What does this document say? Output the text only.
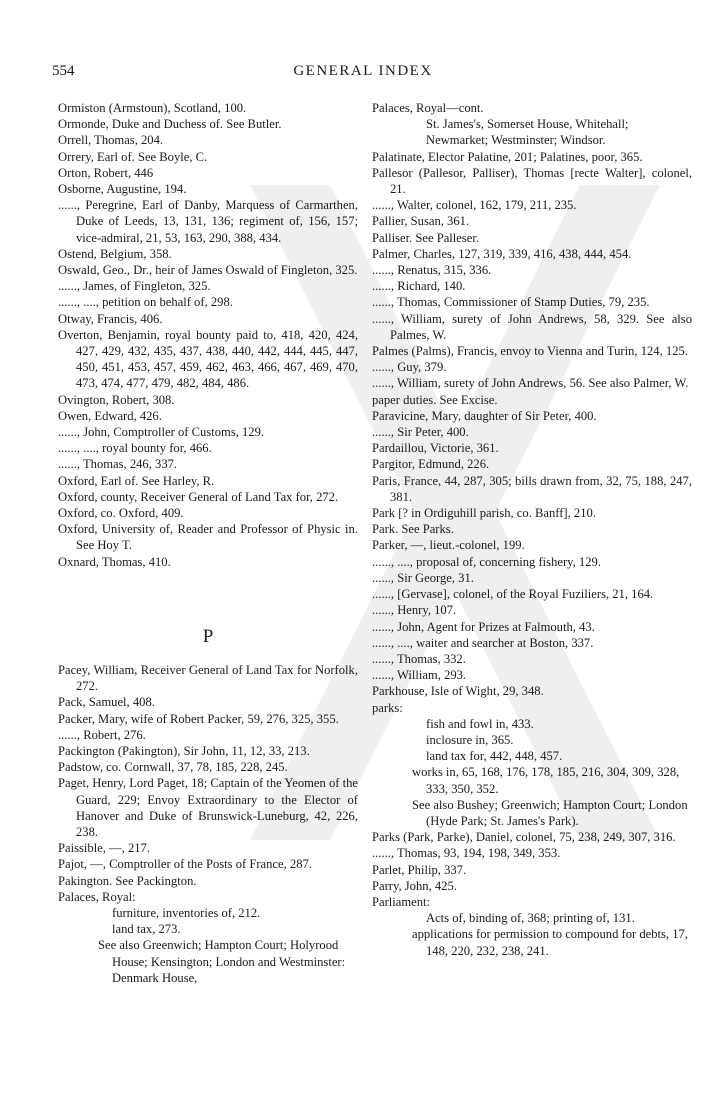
554	GENERAL INDEX
Ormiston (Armstoun), Scotland, 100.
Ormonde, Duke and Duchess of. See Butler.
Orrell, Thomas, 204.
Orrery, Earl of. See Boyle, C.
Orton, Robert, 446
Osborne, Augustine, 194.
......, Peregrine, Earl of Danby, Marquess of Carmarthen, Duke of Leeds, 13, 131, 136; regiment of, 156, 157; vice-admiral, 21, 53, 163, 290, 388, 434.
Ostend, Belgium, 358.
Oswald, Geo., Dr., heir of James Oswald of Fingleton, 325.
......, James, of Fingleton, 325.
......, ...., petition on behalf of, 298.
Otway, Francis, 406.
Overton, Benjamin, royal bounty paid to, 418, 420, 424, 427, 429, 432, 435, 437, 438, 440, 442, 444, 445, 447, 450, 451, 453, 457, 459, 462, 463, 466, 467, 469, 470, 473, 474, 477, 479, 482, 484, 486.
Ovington, Robert, 308.
Owen, Edward, 426.
......, John, Comptroller of Customs, 129.
......, ...., royal bounty for, 466.
......, Thomas, 246, 337.
Oxford, Earl of. See Harley, R.
Oxford, county, Receiver General of Land Tax for, 272.
Oxford, co. Oxford, 409.
Oxford, University of, Reader and Professor of Physic in. See Hoy T.
Oxnard, Thomas, 410.
P
Pacey, William, Receiver General of Land Tax for Norfolk, 272.
Pack, Samuel, 408.
Packer, Mary, wife of Robert Packer, 59, 276, 325, 355.
......, Robert, 276.
Packington (Pakington), Sir John, 11, 12, 33, 213.
Padstow, co. Cornwall, 37, 78, 185, 228, 245.
Paget, Henry, Lord Paget, 18; Captain of the Yeomen of the Guard, 229; Envoy Extraordinary to the Elector of Hanover and Duke of Brunswick-Luneburg, 42, 226, 238.
Paissible, —, 217.
Pajot, —, Comptroller of the Posts of France, 287.
Pakington. See Packington.
Palaces, Royal:
furniture, inventories of, 212.
land tax, 273.
See also Greenwich; Hampton Court; Holyrood House; Kensington; London and Westminster: Denmark House,
Palaces, Royal—cont.
St. James's, Somerset House, Whitehall; Newmarket; Westminster; Windsor.
Palatinate, Elector Palatine, 201; Palatines, poor, 365.
Pallesor (Pallesor, Palliser), Thomas [recte Walter], colonel, 21.
......, Walter, colonel, 162, 179, 211, 235.
Pallier, Susan, 361.
Palliser. See Palleser.
Palmer, Charles, 127, 319, 339, 416, 438, 444, 454.
......, Renatus, 315, 336.
......, Richard, 140.
......, Thomas, Commissioner of Stamp Duties, 79, 235.
......, William, surety of John Andrews, 58, 329. See also Palmes, W.
Palmes (Palms), Francis, envoy to Vienna and Turin, 124, 125.
......, Guy, 379.
......, William, surety of John Andrews, 56. See also Palmer, W.
paper duties. See Excise.
Paravicine, Mary, daughter of Sir Peter, 400.
......, Sir Peter, 400.
Pardaillou, Victorie, 361.
Pargitor, Edmund, 226.
Paris, France, 44, 287, 305; bills drawn from, 32, 75, 188, 247, 381.
Park [? in Ordiguhill parish, co. Banff], 210.
Park. See Parks.
Parker, —, lieut.-colonel, 199.
......, ...., proposal of, concerning fishery, 129.
......, Sir George, 31.
......, [Gervase], colonel, of the Royal Fuziliers, 21, 164.
......, Henry, 107.
......, John, Agent for Prizes at Falmouth, 43.
......, ...., waiter and searcher at Boston, 337.
......, Thomas, 332.
......, William, 293.
Parkhouse, Isle of Wight, 29, 348.
parks:
fish and fowl in, 433.
inclosure in, 365.
land tax for, 442, 448, 457.
works in, 65, 168, 176, 178, 185, 216, 304, 309, 328, 333, 350, 352.
See also Bushey; Greenwich; Hampton Court; London (Hyde Park; St. James's Park).
Parks (Park, Parke), Daniel, colonel, 75, 238, 249, 307, 316.
......, Thomas, 93, 194, 198, 349, 353.
Parlet, Philip, 337.
Parry, John, 425.
Parliament:
Acts of, binding of, 368; printing of, 131.
applications for permission to compound for debts, 17, 148, 220, 232, 238, 241.
